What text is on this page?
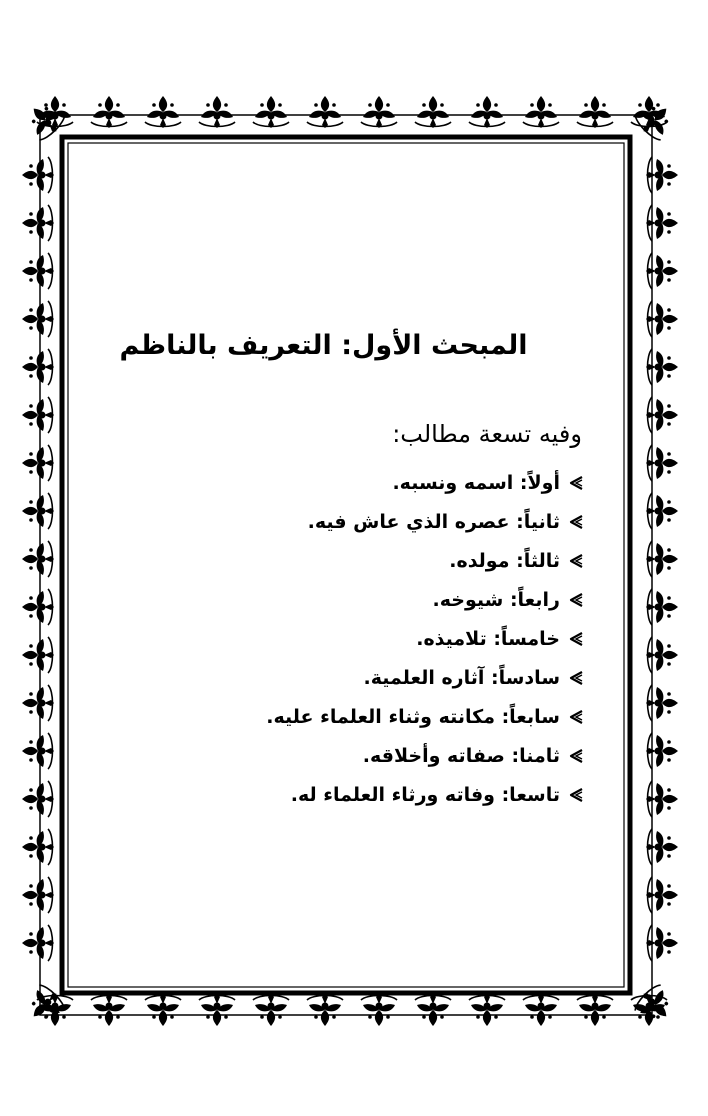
المبحث الأول: التعريف بالناظم

وفيه تسعة مطالب:

أولاً: اسمه ونسبه.
ثانياً: عصره الذي عاش فيه.
ثالثاً: مولده.
رابعاً: شيوخه.
خامساً: تلاميذه.
سادساً: آثاره العلمية.
سابعاً: مكانته وثناء العلماء عليه.
ثامنا: صفاته وأخلاقه.
تاسعا: وفاته ورثاء العلماء له.
